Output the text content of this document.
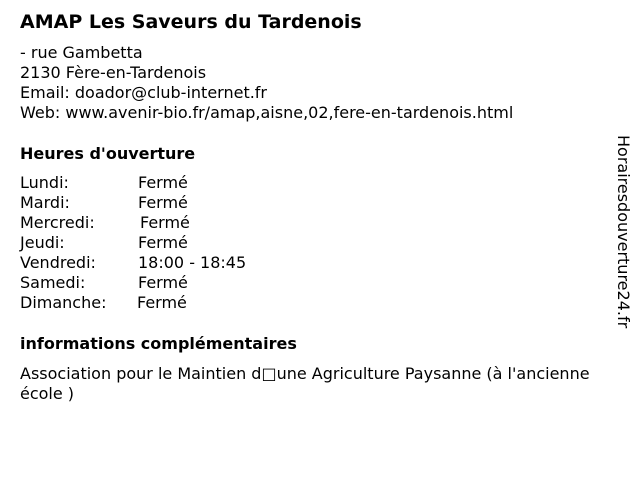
AMAP Les Saveurs du Tardenois
- rue Gambetta
2130 Fère-en-Tardenois
Email: doador@club-internet.fr
Web: www.avenir-bio.fr/amap,aisne,02,fere-en-tardenois.html
Heures d'ouverture
Lundi:	Fermé
Mardi:	Fermé
Mercredi:	Fermé
Jeudi:	Fermé
Vendredi:	18:00 - 18:45
Samedi:	Fermé
Dimanche: Fermé
informations complémentaires
Association pour le Maintien d□une Agriculture Paysanne (à l'ancienne école )
Horairesdouverture24.fr
